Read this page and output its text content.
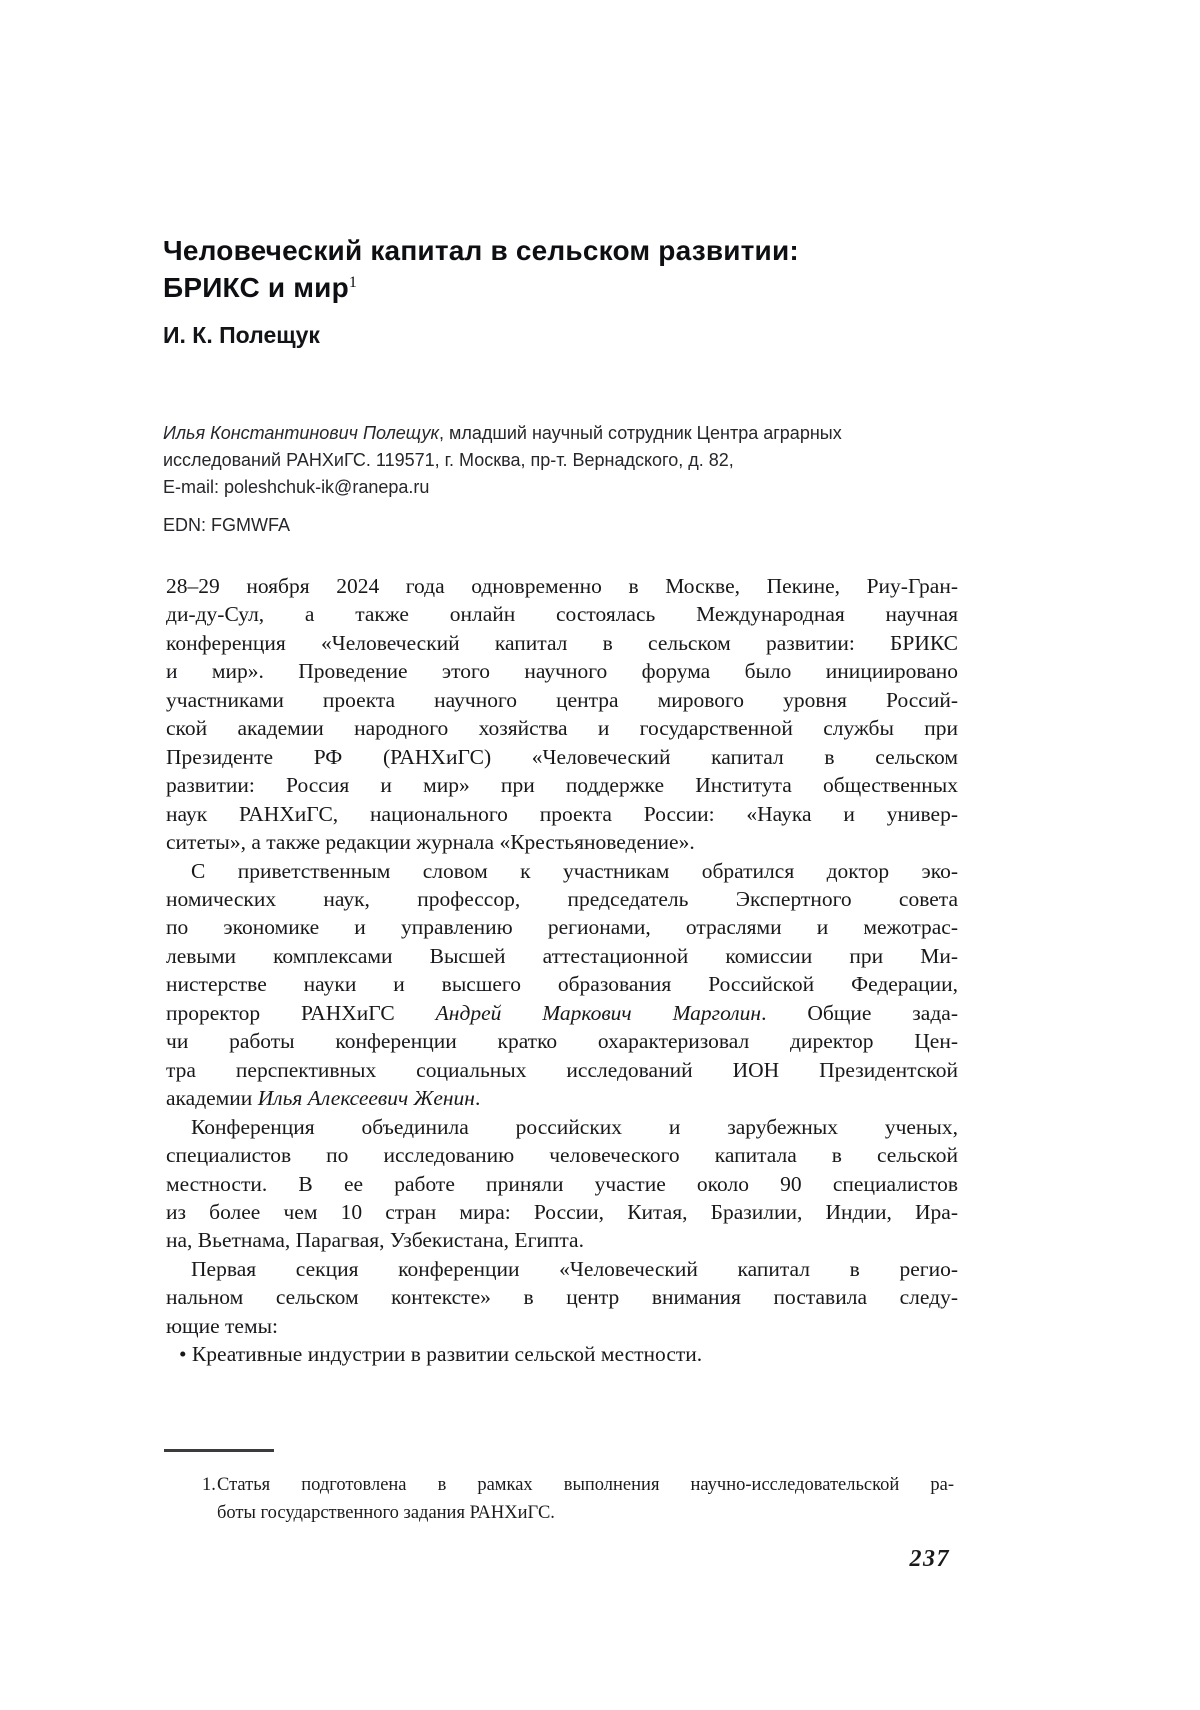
Человеческий капитал в сельском развитии:
БРИКС и мир$^1$
И. К. Полещук
Илья Константинович Полещук, младший научный сотрудник Центра аграрных
исследований РАНХиГС. 119571, г. Москва, пр-т. Вернадского, д. 82,
E-mail: poleshchuk-ik@ranepa.ru
EDN: FGMWFA
28–29 ноября 2024 года одновременно в Москве, Пекине, Риу-Гран-
ди-ду-Сул, а также онлайн состоялась Международная научная
конференция «Человеческий капитал в сельском развитии: БРИКС
и мир». Проведение этого научного форума было инициировано
участниками проекта научного центра мирового уровня Россий-
ской академии народного хозяйства и государственной службы при
Президенте РФ (РАНХиГС) «Человеческий капитал в сельском
развитии: Россия и мир» при поддержке Института общественных
наук РАНХиГС, национального проекта России: «Наука и универ-
ситеты», а также редакции журнала «Крестьяноведение».
С приветственным словом к участникам обратился доктор эко-
номических наук, профессор, председатель Экспертного совета
по экономике и управлению регионами, отраслями и межотрас-
левыми комплексами Высшей аттестационной комиссии при Ми-
нистерстве науки и высшего образования Российской Федерации,
проректор РАНХиГС Андрей Маркович Марголин. Общие зада-
чи работы конференции кратко охарактеризовал директор Цен-
тра перспективных социальных исследований ИОН Президентской
академии Илья Алексеевич Женин.
Конференция объединила российских и зарубежных ученых,
специалистов по исследованию человеческого капитала в сельской
местности. В ее работе приняли участие около 90 специалистов
из более чем 10 стран мира: России, Китая, Бразилии, Индии, Ира-
на, Вьетнама, Парагвая, Узбекистана, Египта.
Первая секция конференции «Человеческий капитал в регио-
нальном сельском контексте» в центр внимания поставила следу-
ющие темы:
• Креативные индустрии в развитии сельской местности.
1. Статья подготовлена в рамках выполнения научно-исследовательской ра-
боты государственного задания РАНХиГС.
237
